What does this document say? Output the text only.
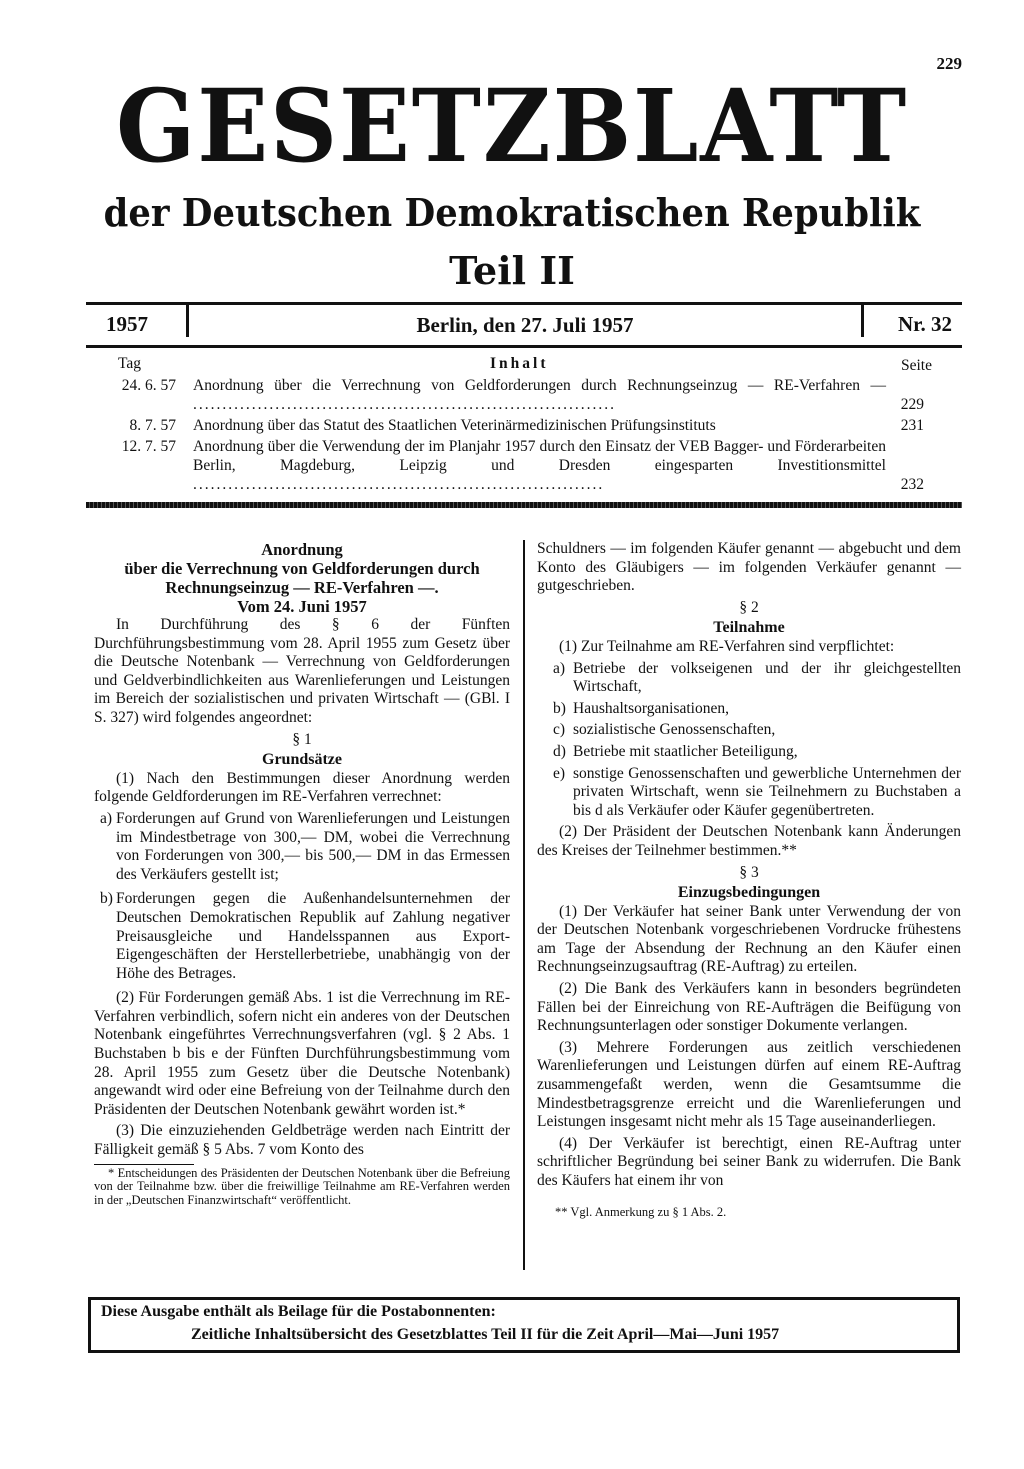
229
GESETZBLATT
der Deutschen Demokratischen Republik
Teil II
1957	Berlin, den 27. Juli 1957	Nr. 32
Tag	Inhalt	Seite
24. 6. 57 Anordnung über die Verrechnung von Geldforderungen durch Rechnungseinzug — RE-Verfahren — ........................................................................	229
8. 7. 57 Anordnung über das Statut des Staatlichen Veterinärmedizinischen Prüfungsinstituts	231
12. 7. 57 Anordnung über die Verwendung der im Planjahr 1957 durch den Einsatz der VEB Bagger- und Förderarbeiten Berlin, Magdeburg, Leipzig und Dresden eingesparten Investitionsmittel ......................................................................	232
Anordnung
über die Verrechnung von Geldforderungen durch Rechnungseinzug — RE-Verfahren —.
Vom 24. Juni 1957

In Durchführung des § 6 der Fünften Durchführungsbestimmung vom 28. April 1955 zum Gesetz über die Deutsche Notenbank — Verrechnung von Geldforderungen und Geldverbindlichkeiten aus Warenlieferungen und Leistungen im Bereich der sozialistischen und privaten Wirtschaft — (GBl. I S. 327) wird folgendes angeordnet:

§ 1
Grundsätze

(1) Nach den Bestimmungen dieser Anordnung werden folgende Geldforderungen im RE-Verfahren verrechnet:

a) Forderungen auf Grund von Warenlieferungen und Leistungen im Mindestbetrage von 300,— DM, wobei die Verrechnung von Forderungen von 300,— bis 500,— DM in das Ermessen des Verkäufers gestellt ist;
b) Forderungen gegen die Außenhandelsunternehmen der Deutschen Demokratischen Republik auf Zahlung negativer Preisausgleiche und Handelsspannen aus Export-Eigengeschäften der Herstellerbetriebe, unabhängig von der Höhe des Betrages.

(2) Für Forderungen gemäß Abs. 1 ist die Verrechnung im RE-Verfahren verbindlich, sofern nicht ein anderes von der Deutschen Notenbank eingeführtes Verrechnungsverfahren (vgl. § 2 Abs. 1 Buchstaben b bis e der Fünften Durchführungsbestimmung vom 28. April 1955 zum Gesetz über die Deutsche Notenbank) angewandt wird oder eine Befreiung von der Teilnahme durch den Präsidenten der Deutschen Notenbank gewährt worden ist.*

(3) Die einzuziehenden Geldbeträge werden nach Eintritt der Fälligkeit gemäß § 5 Abs. 7 vom Konto des

* Entscheidungen des Präsidenten der Deutschen Notenbank über die Befreiung von der Teilnahme bzw. über die freiwillige Teilnahme am RE-Verfahren werden in der „Deutschen Finanzwirtschaft“ veröffentlicht.

Schuldners — im folgenden Käufer genannt — abgebucht und dem Konto des Gläubigers — im folgenden Verkäufer genannt — gutgeschrieben.

§ 2
Teilnahme

(1) Zur Teilnahme am RE-Verfahren sind verpflichtet:

a) Betriebe der volkseigenen und der ihr gleichgestellten Wirtschaft,
b) Haushaltsorganisationen,
c) sozialistische Genossenschaften,
d) Betriebe mit staatlicher Beteiligung,
e) sonstige Genossenschaften und gewerbliche Unternehmen der privaten Wirtschaft, wenn sie Teilnehmern zu Buchstaben a bis d als Verkäufer oder Käufer gegenübertreten.

(2) Der Präsident der Deutschen Notenbank kann Änderungen des Kreises der Teilnehmer bestimmen.**

§ 3
Einzugsbedingungen

(1) Der Verkäufer hat seiner Bank unter Verwendung der von der Deutschen Notenbank vorgeschriebenen Vordrucke frühestens am Tage der Absendung der Rechnung an den Käufer einen Rechnungseinzugsauftrag (RE-Auftrag) zu erteilen.

(2) Die Bank des Verkäufers kann in besonders begründeten Fällen bei der Einreichung von RE-Aufträgen die Beifügung von Rechnungsunterlagen oder sonstiger Dokumente verlangen.

(3) Mehrere Forderungen aus zeitlich verschiedenen Warenlieferungen und Leistungen dürfen auf einem RE-Auftrag zusammengefaßt werden, wenn die Gesamtsumme die Mindestbetragsgrenze erreicht und die Warenlieferungen und Leistungen insgesamt nicht mehr als 15 Tage auseinanderliegen.

(4) Der Verkäufer ist berechtigt, einen RE-Auftrag unter schriftlicher Begründung bei seiner Bank zu widerrufen. Die Bank des Käufers hat einem ihr von

** Vgl. Anmerkung zu § 1 Abs. 2.
Diese Ausgabe enthält als Beilage für die Postabonnenten:
Zeitliche Inhaltsübersicht des Gesetzblattes Teil II für die Zeit April—Mai—Juni 1957
